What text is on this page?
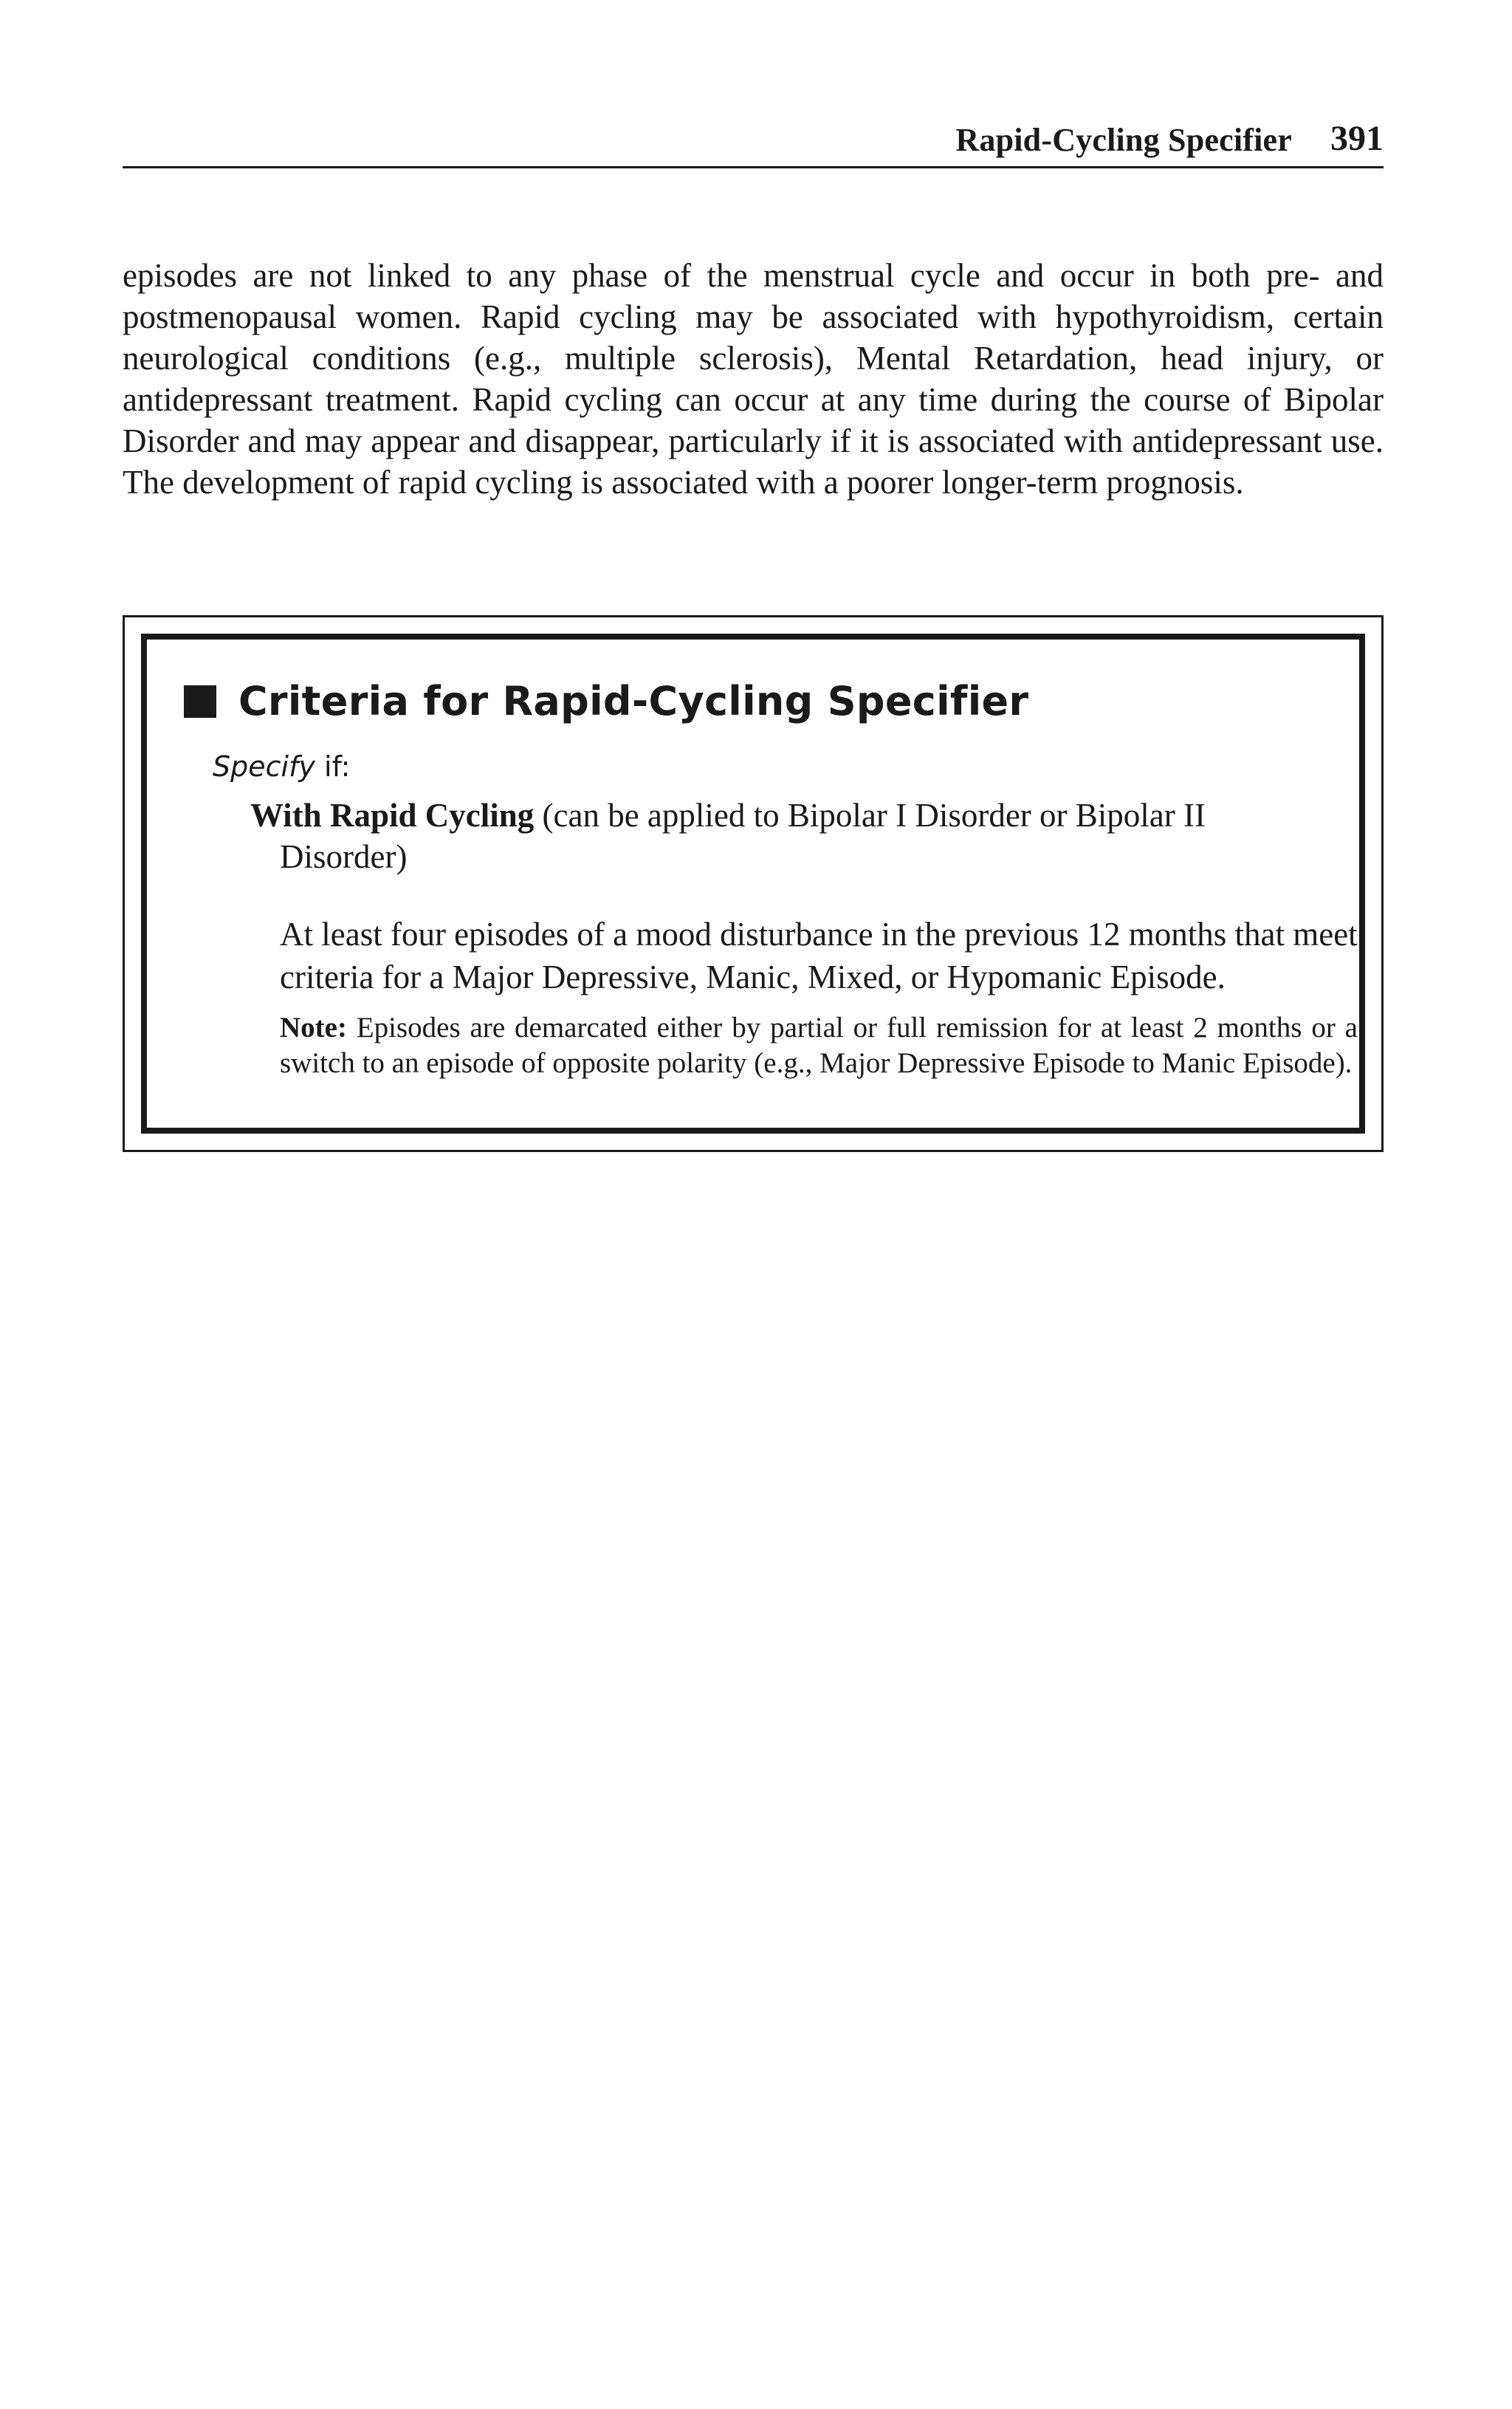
Rapid-Cycling Specifier 391

episodes are not linked to any phase of the menstrual cycle and occur in both pre- and postmenopausal women. Rapid cycling may be associated with hypothyroidism, certain neurological conditions (e.g., multiple sclerosis), Mental Retardation, head injury, or antidepressant treatment. Rapid cycling can occur at any time during the course of Bipolar Disorder and may appear and disappear, particularly if it is associated with antidepressant use. The development of rapid cycling is associated with a poorer longer-term prognosis.

Criteria for Rapid-Cycling Specifier
Specify if:

With Rapid Cycling (can be applied to Bipolar I Disorder or Bipolar II Disorder)

At least four episodes of a mood disturbance in the previous 12 months that meet criteria for a Major Depressive, Manic, Mixed, or Hypomanic Episode.

Note: Episodes are demarcated either by partial or full remission for at least 2 months or a switch to an episode of opposite polarity (e.g., Major Depressive Episode to Manic Episode).
